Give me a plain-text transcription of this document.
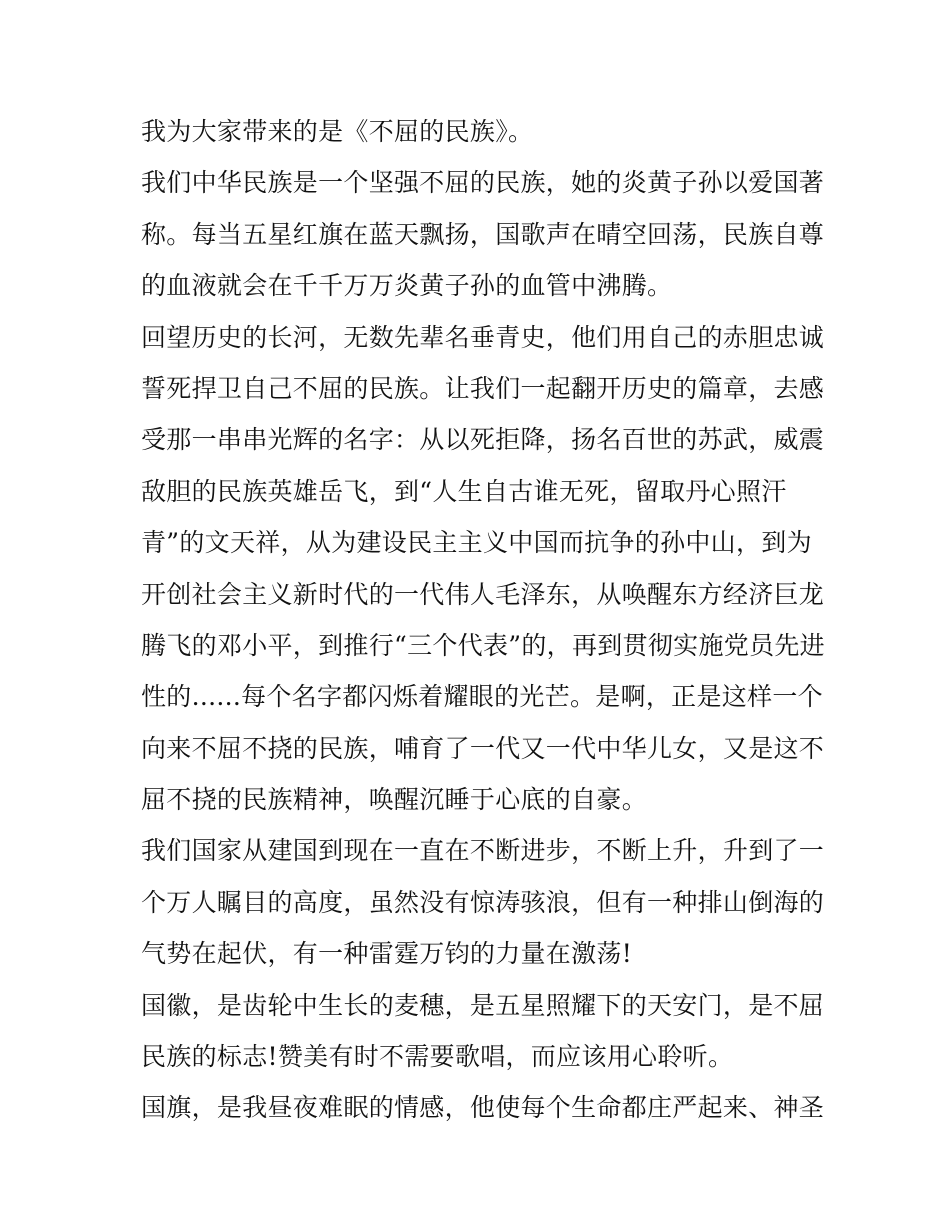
我为大家带来的是《不屈的民族》。
我们中华民族是一个坚强不屈的民族，她的炎黄子孙以爱国著
称。每当五星红旗在蓝天飘扬，国歌声在晴空回荡，民族自尊
的血液就会在千千万万炎黄子孙的血管中沸腾。
回望历史的长河，无数先辈名垂青史，他们用自己的赤胆忠诚
誓死捍卫自己不屈的民族。让我们一起翻开历史的篇章，去感
受那一串串光辉的名字：从以死拒降，扬名百世的苏武，威震
敌胆的民族英雄岳飞，到“人生自古谁无死，留取丹心照汗
青”的文天祥，从为建设民主主义中国而抗争的孙中山，到为
开创社会主义新时代的一代伟人毛泽东，从唤醒东方经济巨龙
腾飞的邓小平，到推行“三个代表”的，再到贯彻实施党员先进
性的......每个名字都闪烁着耀眼的光芒。是啊，正是这样一个
向来不屈不挠的民族，哺育了一代又一代中华儿女，又是这不
屈不挠的民族精神，唤醒沉睡于心底的自豪。
我们国家从建国到现在一直在不断进步，不断上升，升到了一
个万人瞩目的高度，虽然没有惊涛骇浪，但有一种排山倒海的
气势在起伏，有一种雷霆万钧的力量在激荡!
国徽，是齿轮中生长的麦穗，是五星照耀下的天安门，是不屈
民族的标志!赞美有时不需要歌唱，而应该用心聆听。
国旗，是我昼夜难眠的情感，他使每个生命都庄严起来、神圣
